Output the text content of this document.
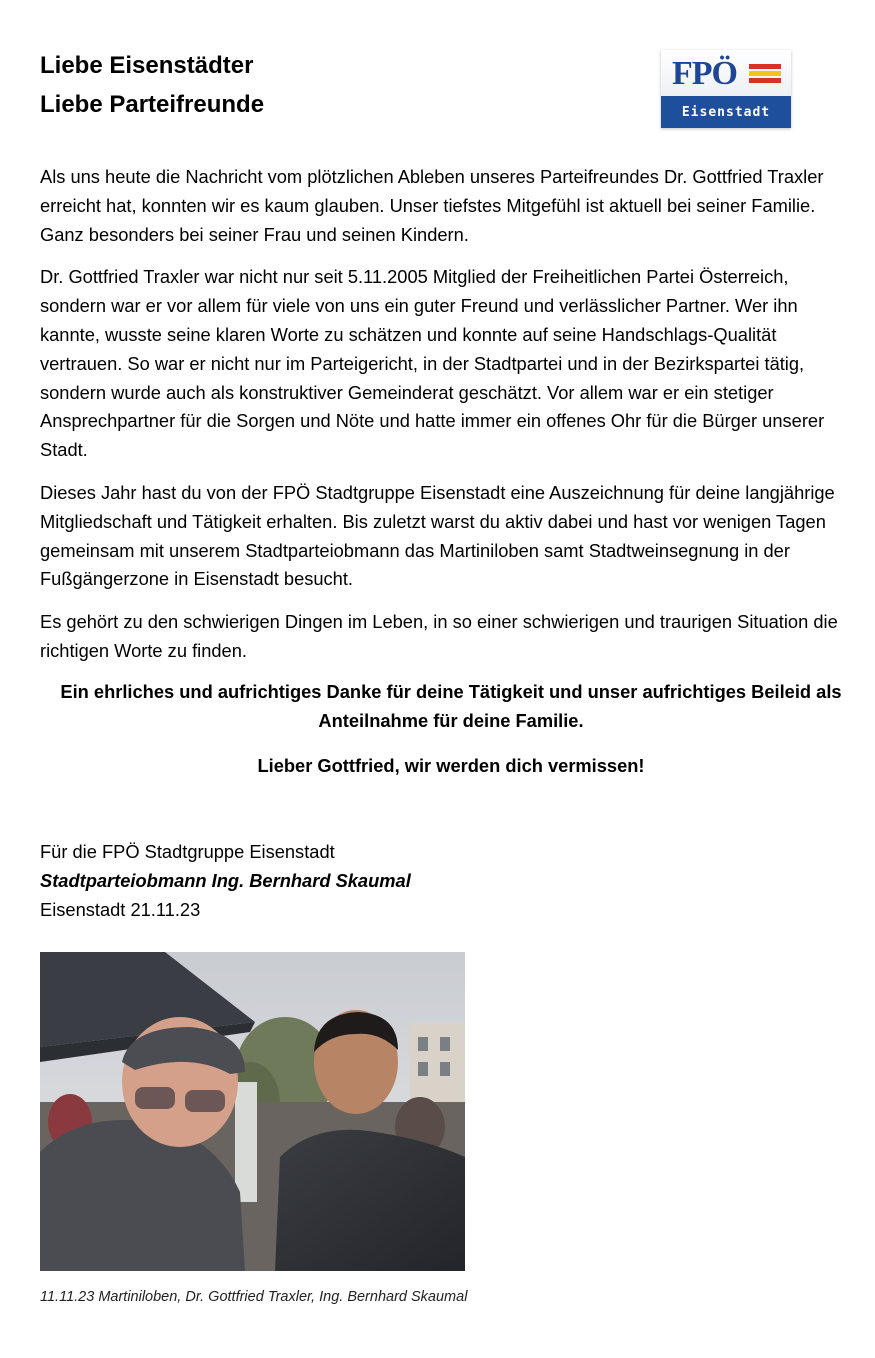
Liebe Eisenstädter
Liebe Parteifreunde
FPÖ
Eisenstadt

Als uns heute die Nachricht vom plötzlichen Ableben unseres Parteifreundes Dr. Gottfried Traxler erreicht hat, konnten wir es kaum glauben. Unser tiefstes Mitgefühl ist aktuell bei seiner Familie. Ganz besonders bei seiner Frau und seinen Kindern.

Dr. Gottfried Traxler war nicht nur seit 5.11.2005 Mitglied der Freiheitlichen Partei Österreich, sondern war er vor allem für viele von uns ein guter Freund und verlässlicher Partner. Wer ihn kannte, wusste seine klaren Worte zu schätzen und konnte auf seine Handschlags-Qualität vertrauen. So war er nicht nur im Parteigericht, in der Stadtpartei und in der Bezirkspartei tätig, sondern wurde auch als konstruktiver Gemeinderat geschätzt. Vor allem war er ein stetiger Ansprechpartner für die Sorgen und Nöte und hatte immer ein offenes Ohr für die Bürger unserer Stadt.

Dieses Jahr hast du von der FPÖ Stadtgruppe Eisenstadt eine Auszeichnung für deine langjährige Mitgliedschaft und Tätigkeit erhalten. Bis zuletzt warst du aktiv dabei und hast vor wenigen Tagen gemeinsam mit unserem Stadtparteiobmann das Martiniloben samt Stadtweinsegnung in der Fußgängerzone in Eisenstadt besucht.

Es gehört zu den schwierigen Dingen im Leben, in so einer schwierigen und traurigen Situation die richtigen Worte zu finden.

Ein ehrliches und aufrichtiges Danke für deine Tätigkeit und unser aufrichtiges Beileid als Anteilnahme für deine Familie.

Lieber Gottfried, wir werden dich vermissen!

Für die FPÖ Stadtgruppe Eisenstadt
Stadtparteiobmann Ing. Bernhard Skaumal
Eisenstadt 21.11.23
11.11.23 Martiniloben, Dr. Gottfried Traxler, Ing. Bernhard Skaumal
